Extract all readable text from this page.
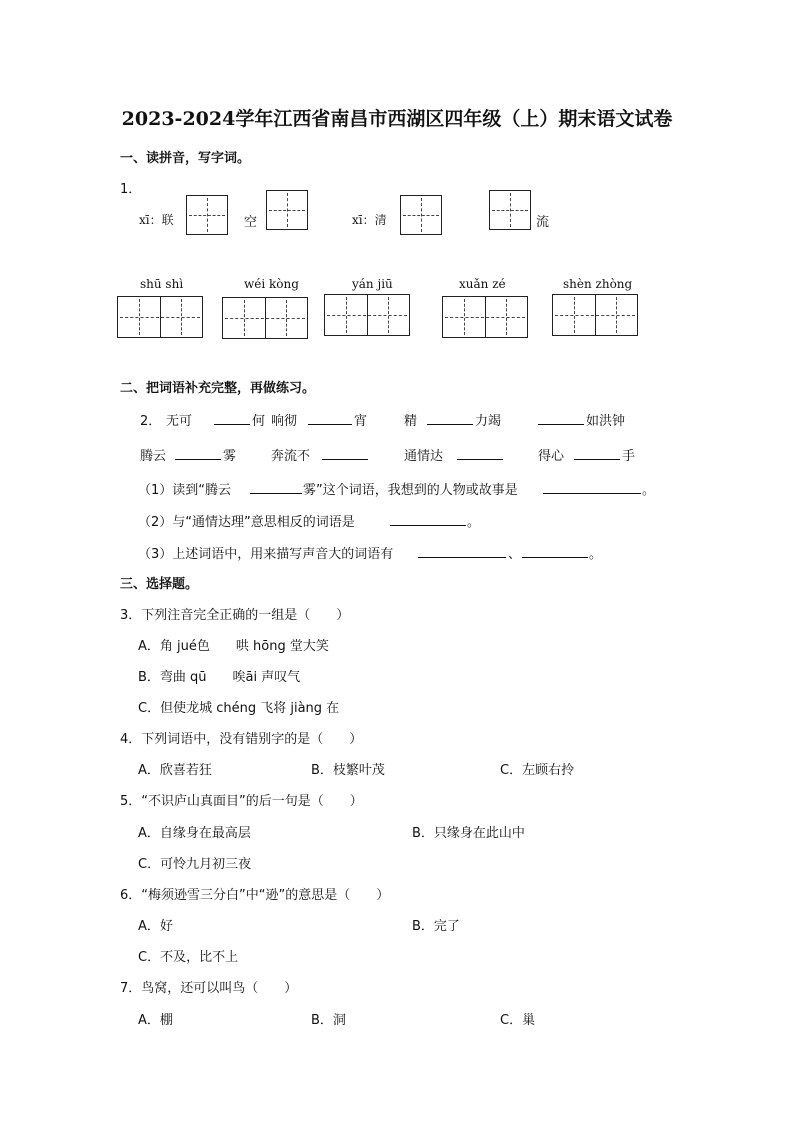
2023-2024学年江西省南昌市西湖区四年级（上）期末语文试卷
一、读拼音，写字词。
1．
xī：联	空	xī：清	流
shū shì	wéi kòng	yán jiū	xuǎn zé	shèn zhòng
二、把词语补充完整，再做练习。
2． 无可	何 响彻	宵	精	力竭	如洪钟
腾云	雾	奔流不	通情达	得心	手
（1）读到“腾云	雾”这个词语，我想到的人物或故事是	。
（2）与“通情达理”意思相反的词语是	。
（3）上述词语中，用来描写声音大的词语有	、	。
三、选择题。
3．下列注音完全正确的一组是（　　）
A．角 jué色　　哄 hōng 堂大笑
B．弯曲 qū　　唉āi 声叹气
C．但使龙城 chéng 飞将 jiàng 在
4．下列词语中，没有错别字的是（　　）
A．欣喜若狂	B．枝繁叶茂	C．左顾右拎
5．“不识庐山真面目”的后一句是（　　）
A．自缘身在最高层	B．只缘身在此山中
C．可怜九月初三夜
6．“梅须逊雪三分白”中“逊”的意思是（　　）
A．好	B．完了
C．不及，比不上
7．鸟窝，还可以叫鸟（　　）
A．棚	B．洞	C．巢
